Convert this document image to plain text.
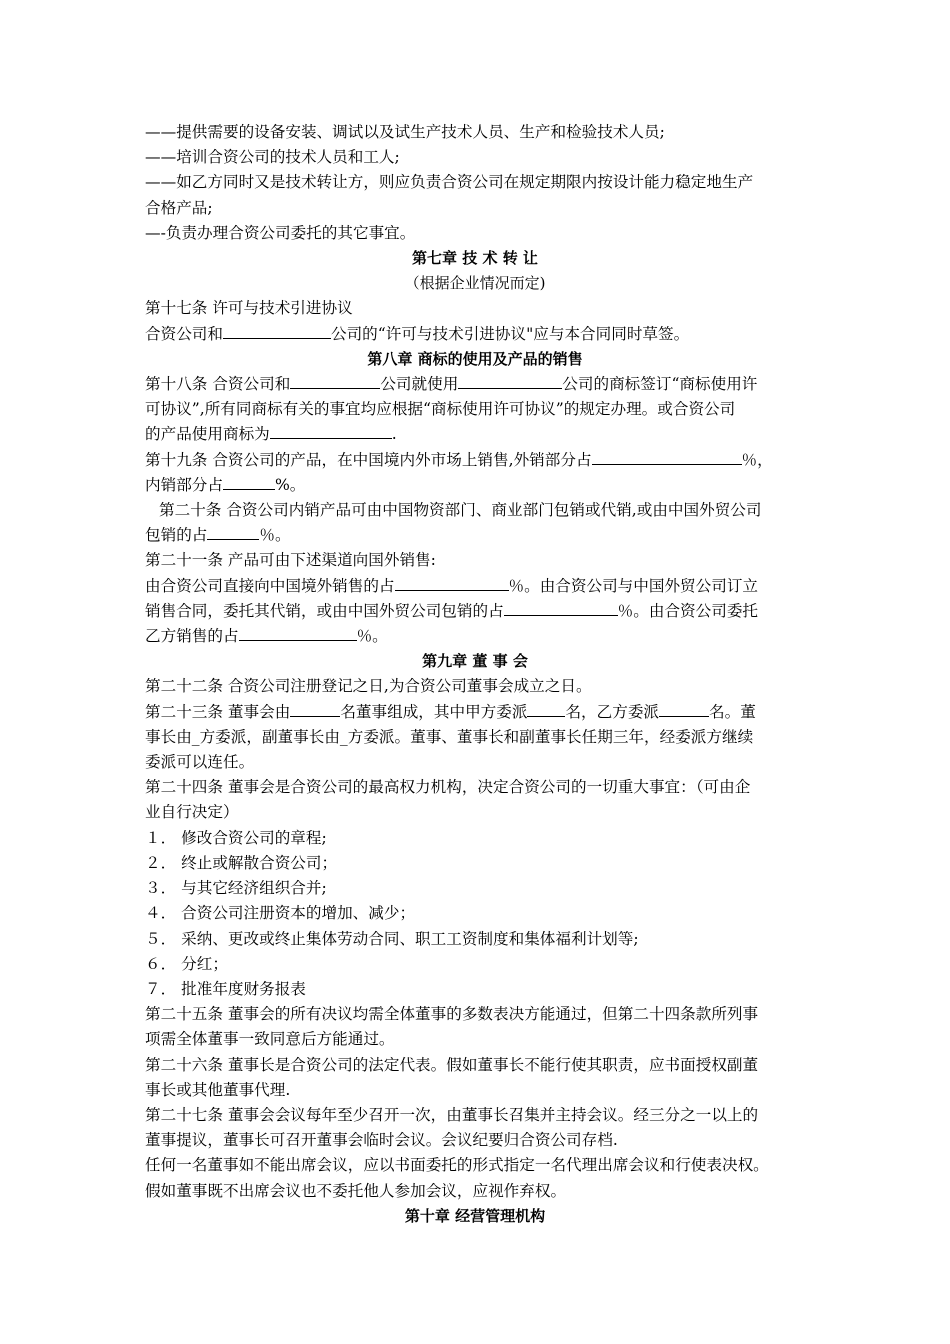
——提供需要的设备安装、调试以及试生产技术人员、生产和检验技术人员;
——培训合资公司的技术人员和工人;
——如乙方同时又是技术转让方，则应负责合资公司在规定期限内按设计能力稳定地生产
合格产品;
—-负责办理合资公司委托的其它事宜。
第七章 技 术 转 让
（根据企业情况而定)
第十七条 许可与技术引进协议
合资公司和	公司的“许可与技术引进协议"应与本合同同时草签。
第八章 商标的使用及产品的销售
第十八条 合资公司和	公司就使用	公司的商标签订“商标使用许
可协议”,所有同商标有关的事宜均应根据“商标使用许可协议”的规定办理。或合资公司
的产品使用商标为	.
第十九条 合资公司的产品，在中国境内外市场上销售,外销部分占	％，
内销部分占	%。
第二十条 合资公司内销产品可由中国物资部门、商业部门包销或代销,或由中国外贸公司
包销的占	％。
第二十一条 产品可由下述渠道向国外销售:
由合资公司直接向中国境外销售的占	％。由合资公司与中国外贸公司订立
销售合同，委托其代销，或由中国外贸公司包销的占	％。由合资公司委托
乙方销售的占	％。
第九章 董 事 会
第二十二条 合资公司注册登记之日,为合资公司董事会成立之日。
第二十三条 董事会由	名董事组成，其中甲方委派 名，乙方委派	名。董
事长由_方委派，副董事长由_方委派。董事、董事长和副董事长任期三年，经委派方继续
委派可以连任。
第二十四条 董事会是合资公司的最高权力机构，决定合资公司的一切重大事宜：（可由企
业自行决定）
１． 修改合资公司的章程;
２． 终止或解散合资公司；
３． 与其它经济组织合并;
４． 合资公司注册资本的增加、减少；
５． 采纳、更改或终止集体劳动合同、职工工资制度和集体福利计划等;
６． 分红；
７． 批准年度财务报表
第二十五条 董事会的所有决议均需全体董事的多数表决方能通过，但第二十四条款所列事
项需全体董事一致同意后方能通过。
第二十六条 董事长是合资公司的法定代表。假如董事长不能行使其职责，应书面授权副董
事长或其他董事代理.
第二十七条 董事会会议每年至少召开一次，由董事长召集并主持会议。经三分之一以上的
董事提议，董事长可召开董事会临时会议。会议纪要归合资公司存档.
任何一名董事如不能出席会议，应以书面委托的形式指定一名代理出席会议和行使表决权。
假如董事既不出席会议也不委托他人参加会议，应视作弃权。
第十章 经营管理机构
